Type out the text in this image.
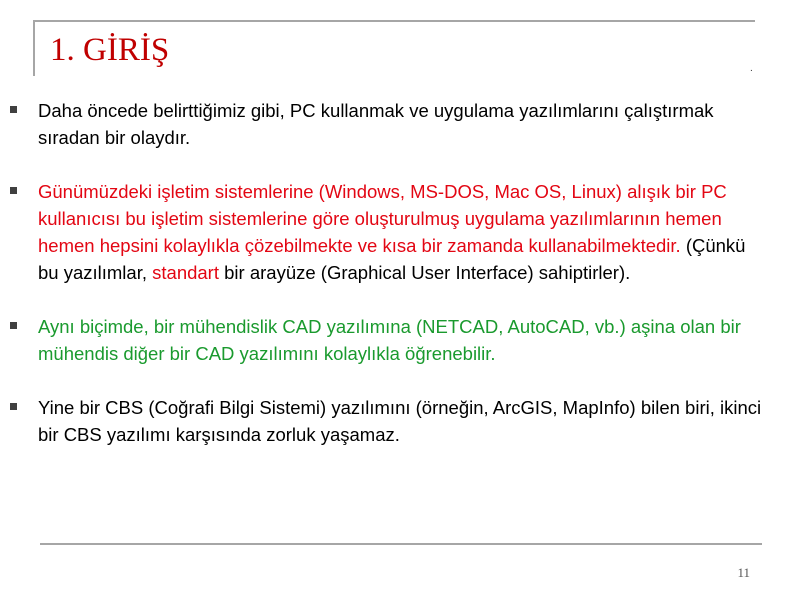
1. GİRİŞ
.
Daha öncede belirttiğimiz gibi, PC kullanmak ve uygulama yazılımlarını çalıştırmak sıradan bir olaydır.
Günümüzdeki işletim sistemlerine (Windows, MS-DOS, Mac OS, Linux) alışık bir PC kullanıcısı bu işletim sistemlerine göre oluşturulmuş uygulama yazılımlarının hemen hemen hepsini kolaylıkla çözebilmekte ve kısa bir zamanda kullanabilmektedir. (Çünkü bu yazılımlar, standart bir arayüze (Graphical User Interface) sahiptirler).
Aynı biçimde, bir mühendislik CAD yazılımına (NETCAD, AutoCAD, vb.) aşina olan bir mühendis diğer bir CAD yazılımını kolaylıkla öğrenebilir.
Yine bir CBS (Coğrafi Bilgi Sistemi) yazılımını (örneğin, ArcGIS, MapInfo) bilen biri, ikinci bir CBS yazılımı karşısında zorluk yaşamaz.
11
